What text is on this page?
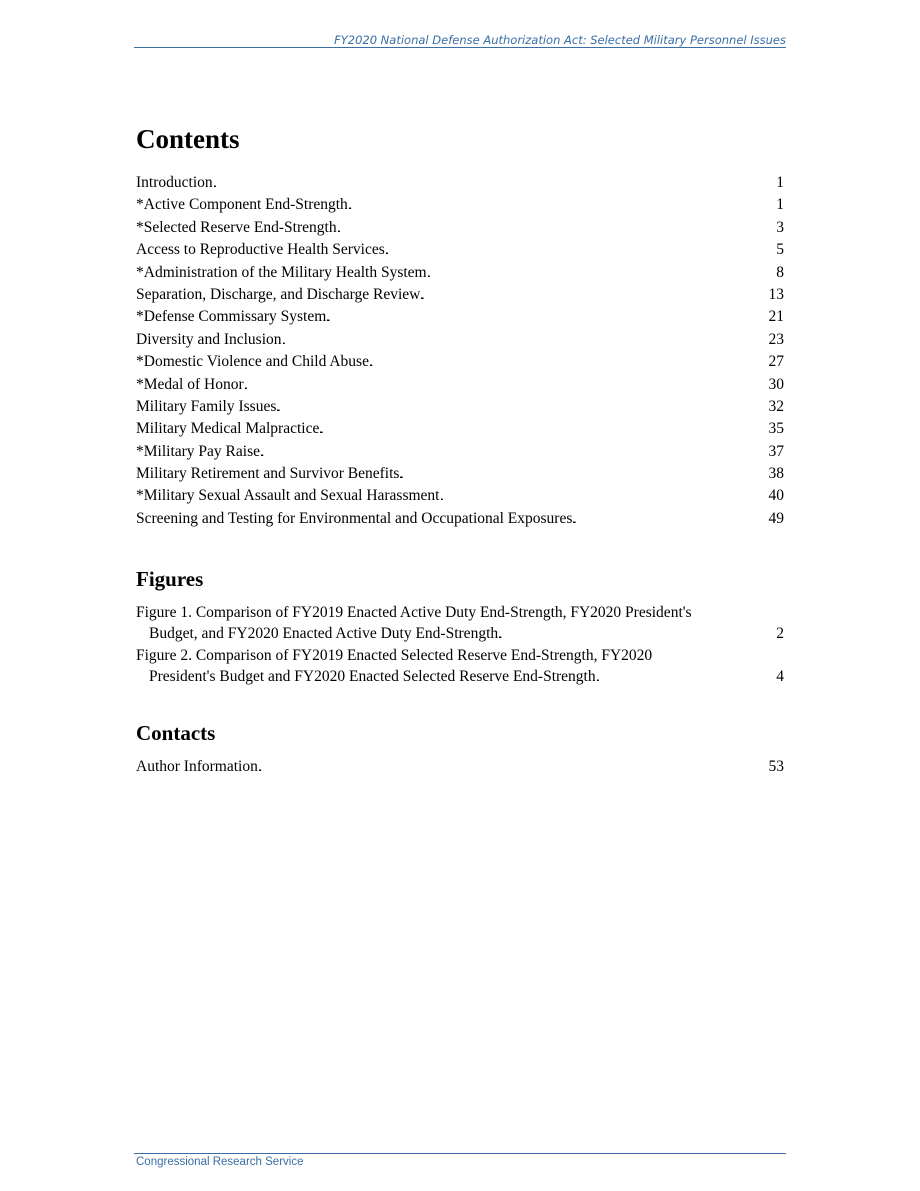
FY2020 National Defense Authorization Act: Selected Military Personnel Issues
Contents
Introduction . . .	1
*Active Component End-Strength . . .	1
*Selected Reserve End-Strength . . .	3
Access to Reproductive Health Services . . .	5
*Administration of the Military Health System . . .	8
Separation, Discharge, and Discharge Review . . .	13
*Defense Commissary System . . .	21
Diversity and Inclusion . . .	23
*Domestic Violence and Child Abuse . . .	27
*Medal of Honor . . .	30
Military Family Issues . . .	32
Military Medical Malpractice . . .	35
*Military Pay Raise . . .	37
Military Retirement and Survivor Benefits . . .	38
*Military Sexual Assault and Sexual Harassment . . .	40
Screening and Testing for Environmental and Occupational Exposures . . .	49
Figures
Figure 1. Comparison of FY2019 Enacted Active Duty End-Strength, FY2020 President's
Budget, and FY2020 Enacted Active Duty End-Strength . . .	2
Figure 2. Comparison of FY2019 Enacted Selected Reserve End-Strength, FY2020
President's Budget and FY2020 Enacted Selected Reserve End-Strength . . .	4
Contacts
Author Information . . .	53
Congressional Research Service
